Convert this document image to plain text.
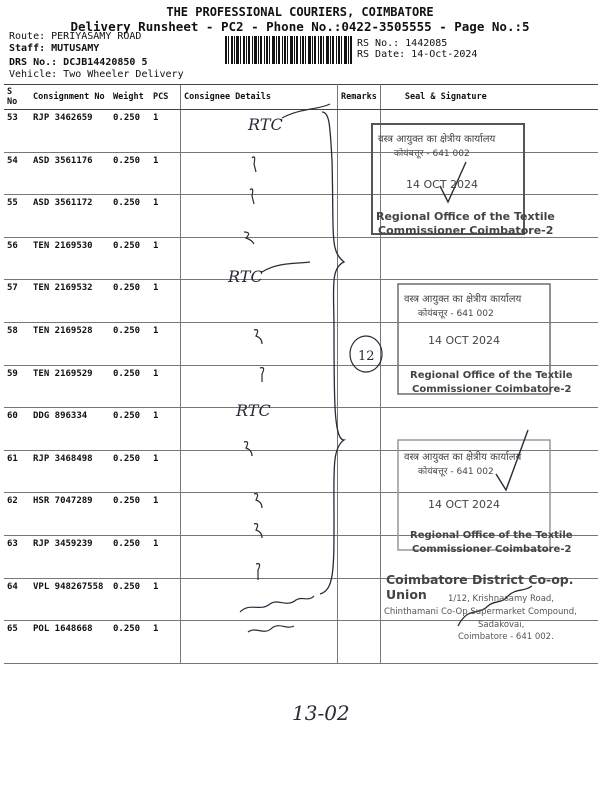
THE PROFESSIONAL COURIERS, COIMBATORE
Delivery Runsheet - PC2 - Phone No.:0422-3505555 - Page No.:5
Route: PERIYASAMY ROAD
Staff: MUTUSAMY
DRS No.: DCJB14420850 5
Vehicle: Two Wheeler Delivery
RS No.: 1442085
RS Date: 14-Oct-2024
S No	Consignment No	Weight	PCS	Consignee Details	Remarks	Seal & Signature
53	RJP 3462659	0.250	1			
54	ASD 3561176	0.250	1			
55	ASD 3561172	0.250	1			
56	TEN 2169530	0.250	1			
57	TEN 2169532	0.250	1			
58	TEN 2169528	0.250	1			
59	TEN 2169529	0.250	1			
60	DDG 896334	0.250	1			
61	RJP 3468498	0.250	1			
62	HSR 7047289	0.250	1			
63	RJP 3459239	0.250	1			
64	VPL 948267558	0.250	1			
65	POL 1648668	0.250	1			
RTC
RTC
RTC
12
वस्त्र आयुक्त का क्षेत्रीय कार्यालय
कोयंबत्तूर - 641 002
14 OCT 2024
Regional Office of the Textile
Commissioner Coimbatore-2
वस्त्र आयुक्त का क्षेत्रीय कार्यालय
कोयंबत्तूर - 641 002
14 OCT 2024
Regional Office of the Textile
Commissioner Coimbatore-2
वस्त्र आयुक्त का क्षेत्रीय कार्यालय
कोयंबत्तूर - 641 002
14 OCT 2024
Regional Office of the Textile
Commissioner Coimbatore-2
13-02
Coimbatore District Co-op. Union	1/12, Krishnasamy Road,
Chinthamani Co-Op Supermarket Compound,
Sadakovai,
Coimbatore - 641 002.
